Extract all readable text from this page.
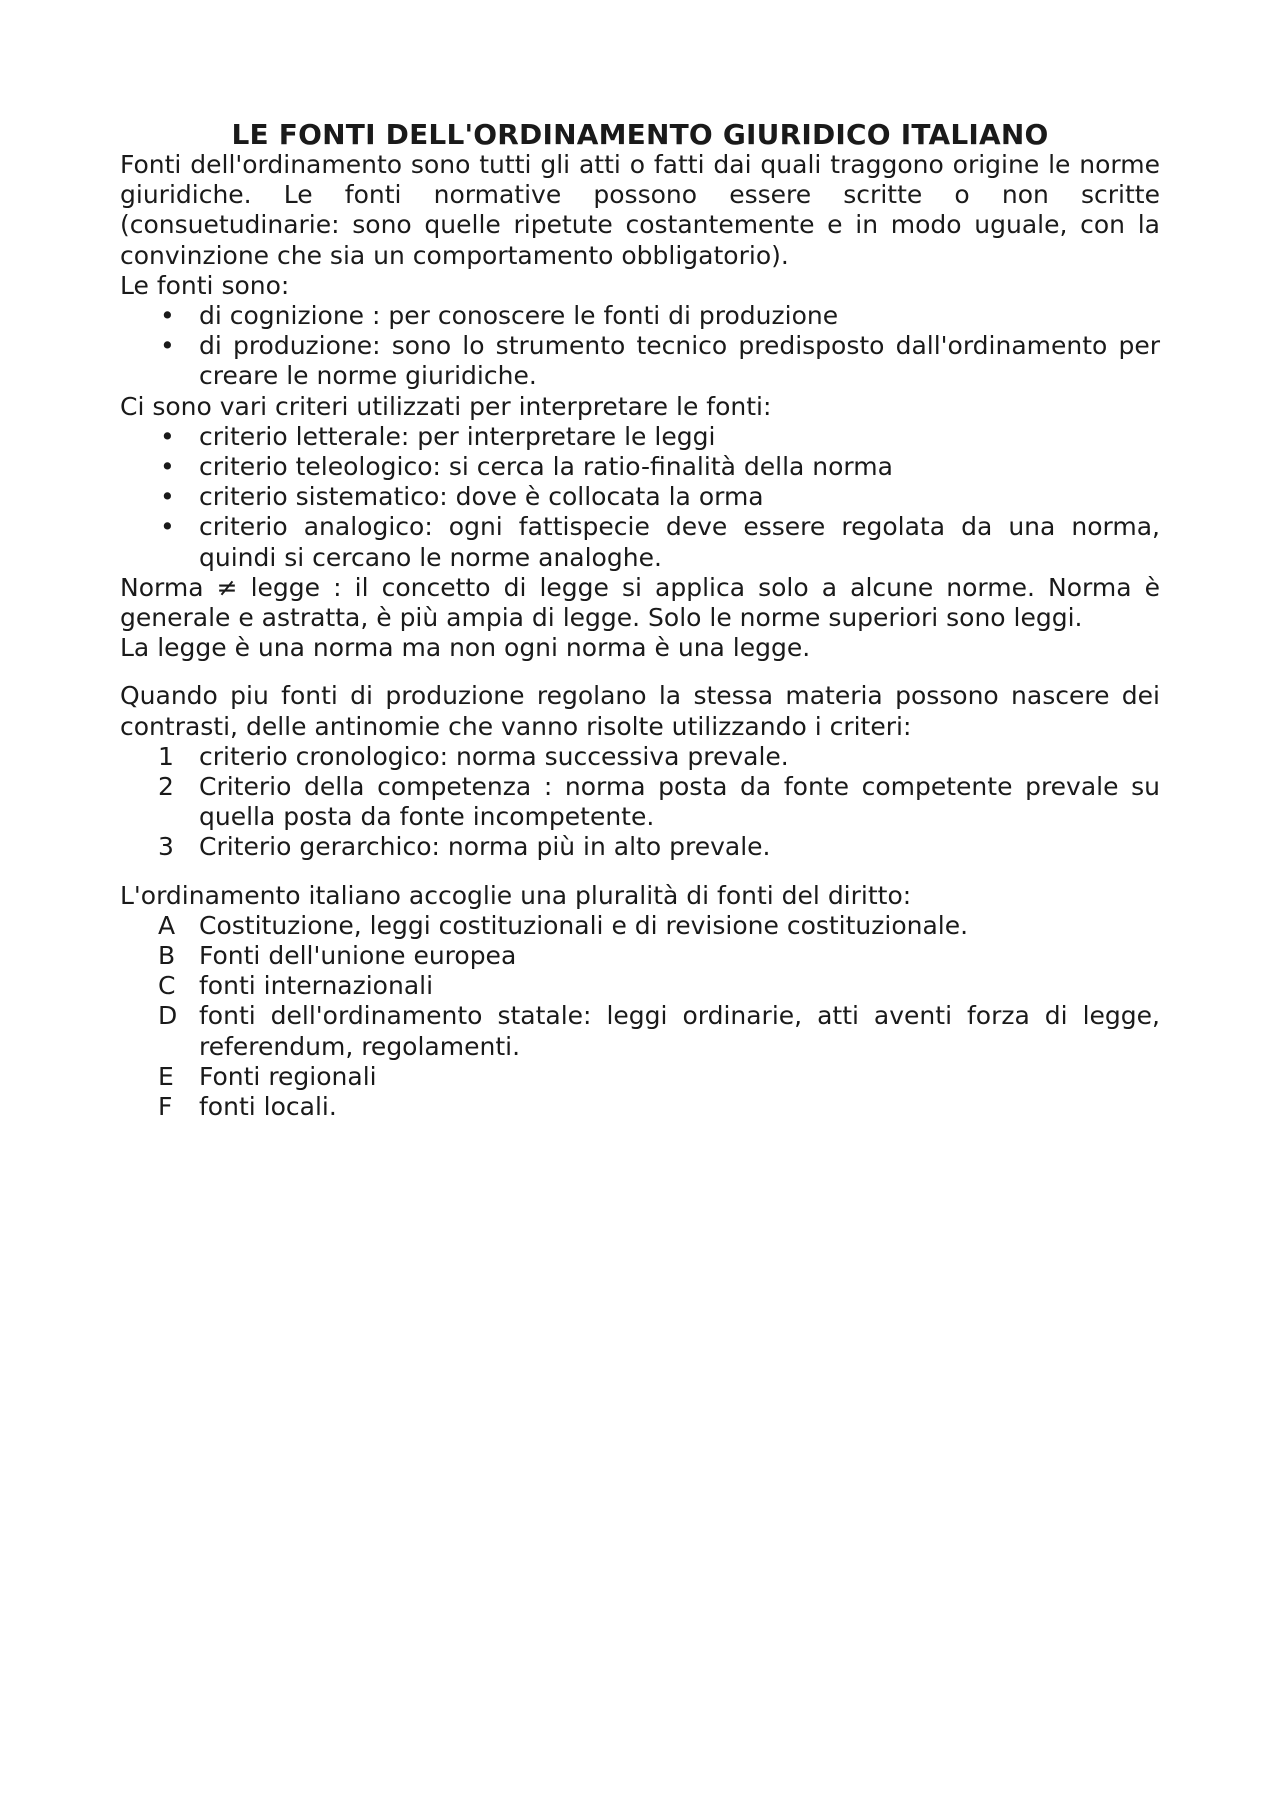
LE FONTI DELL'ORDINAMENTO GIURIDICO ITALIANO

Fonti dell'ordinamento sono tutti gli atti o fatti dai quali traggono origine le norme giuridiche. Le fonti normative possono essere scritte o non scritte (consuetudinarie: sono quelle ripetute costantemente e in modo uguale, con la convinzione che sia un comportamento obbligatorio).

Le fonti sono:

• di cognizione : per conoscere le fonti di produzione
• di produzione: sono lo strumento tecnico predisposto dall'ordinamento per creare le norme giuridiche.

Ci sono vari criteri utilizzati per interpretare le fonti:

• criterio letterale: per interpretare le leggi
• criterio teleologico: si cerca la ratio-finalità della norma
• criterio sistematico: dove è collocata la orma
• criterio analogico: ogni fattispecie deve essere regolata da una norma, quindi si cercano le norme analoghe.

Norma ≠ legge : il concetto di legge si applica solo a alcune norme. Norma è generale e astratta, è più ampia di legge. Solo le norme superiori sono leggi.

La legge è una norma ma non ogni norma è una legge.

Quando piu fonti di produzione regolano la stessa materia possono nascere dei contrasti, delle antinomie che vanno risolte utilizzando i criteri:

1	criterio cronologico: norma successiva prevale.
2	Criterio della competenza : norma posta da fonte competente prevale su quella posta da fonte incompetente.
3	Criterio gerarchico: norma più in alto prevale.

L'ordinamento italiano accoglie una pluralità di fonti del diritto:

A Costituzione, leggi costituzionali e di revisione costituzionale.
B Fonti dell'unione europea
C fonti internazionali
D fonti dell'ordinamento statale: leggi ordinarie, atti aventi forza di legge, referendum, regolamenti.
E	Fonti regionali
F	fonti locali.
